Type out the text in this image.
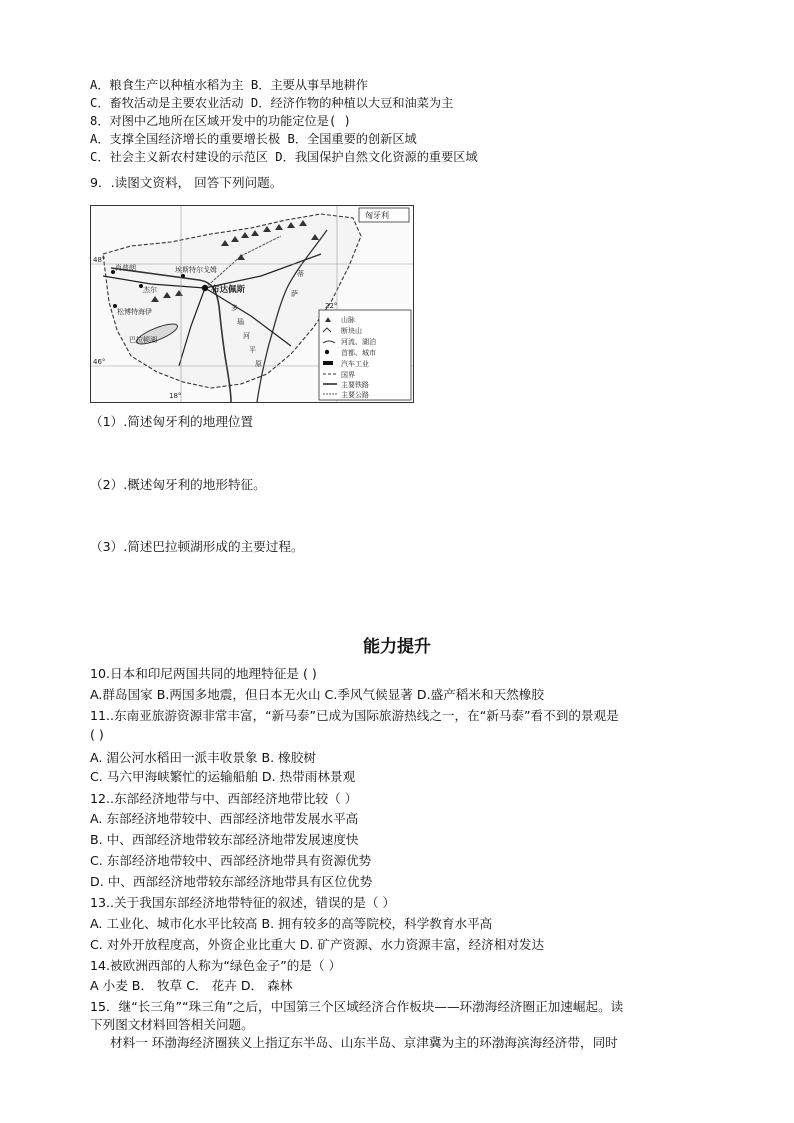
A．粮食生产以种植水稻为主 B．主要从事旱地耕作
C．畜牧活动是主要农业活动 D．经济作物的种植以大豆和油菜为主
8．对图中乙地所在区域开发中的功能定位是( )
A．支撑全国经济增长的重要增长极 B．全国重要的创新区域
C．社会主义新农村建设的示范区 D．我国保护自然文化资源的重要区域
9．.读图文资料， 回答下列问题。
肖普朗
杰尔
埃斯特尔戈姆
松博特海伊
布达佩斯
巴拉顿湖
48°
46°
18°
22°
多
瑙
河
平
原
蒂
萨
匈牙利
山脉
断块山
河流、湖泊
首都、城市
汽车工业
国界
主要铁路
主要公路
（1）.简述匈牙利的地理位置
（2）.概述匈牙利的地形特征。
（3）.简述巴拉顿湖形成的主要过程。
能力提升
10.日本和印尼两国共同的地理特征是 ( )
A.群岛国家 B.两国多地震，但日本无火山 C.季风气候显著 D.盛产稻米和天然橡胶
11..东南亚旅游资源非常丰富，“新马泰”已成为国际旅游热线之一，在“新马泰”看不到的景观是
( )
A. 湄公河水稻田一派丰收景象 B. 橡胶树
C. 马六甲海峡繁忙的运输船舶 D. 热带雨林景观
12..东部经济地带与中、西部经济地带比较（ ）
A. 东部经济地带较中、西部经济地带发展水平高
B. 中、西部经济地带较东部经济地带发展速度快
C. 东部经济地带较中、西部经济地带具有资源优势
D. 中、西部经济地带较东部经济地带具有区位优势
13..关于我国东部经济地带特征的叙述，错误的是（ ）
A. 工业化、城市化水平比较高 B. 拥有较多的高等院校，科学教育水平高
C. 对外开放程度高，外资企业比重大 D. 矿产资源、水力资源丰富，经济相对发达
14.被欧洲西部的人称为“绿色金子”的是（ ）
A 小麦 B． 牧草 C． 花卉 D． 森林
15．继“长三角”“珠三角”之后，中国第三个区域经济合作板块——环渤海经济圈正加速崛起。读
下列图文材料回答相关问题。
材料一 环渤海经济圈狭义上指辽东半岛、山东半岛、京津冀为主的环渤海滨海经济带，同时
